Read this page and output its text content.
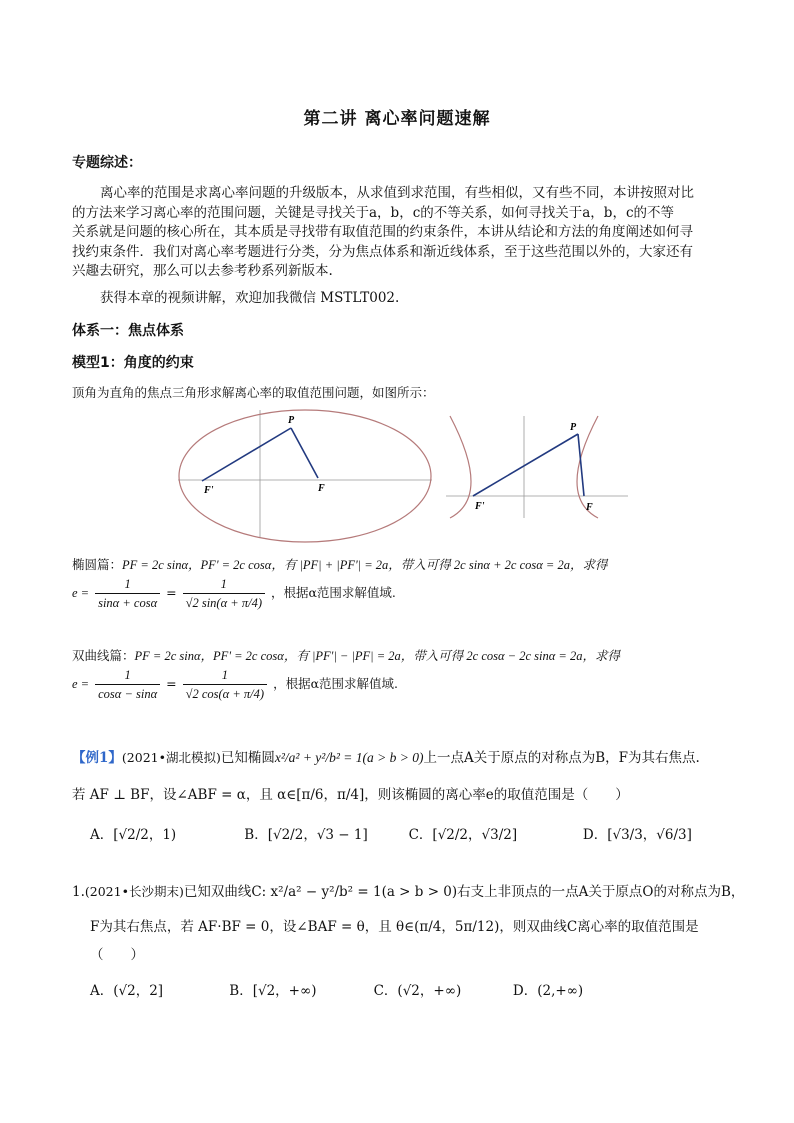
第二讲 离心率问题速解
专题综述：
离心率的范围是求离心率问题的升级版本，从求值到求范围，有些相似，又有些不同，本讲按照对比
的方法来学习离心率的范围问题，关键是寻找关于a，b，c的不等关系，如何寻找关于a，b，c的不等
关系就是问题的核心所在，其本质是寻找带有取值范围的约束条件，本讲从结论和方法的角度阐述如何寻
找约束条件．我们对离心率考题进行分类，分为焦点体系和渐近线体系，至于这些范围以外的，大家还有
兴趣去研究，那么可以去参考秒系列新版本.
获得本章的视频讲解，欢迎加我微信 MSTLT002.
体系一：焦点体系
模型1：角度的约束
顶角为直角的焦点三角形求解离心率的取值范围问题，如图所示：
P
F'	F
P
F'	F
椭圆篇：PF = 2c sinα，PF' = 2c cosα，有 |PF| + |PF'| = 2a，带入可得 2c sinα + 2c cosα = 2a，求得
$e = \frac{1}{\sin\alpha + \cos\alpha} = \frac{1}{√2 \sin(\alpha + \pi/4)}$ ，根据α范围求解值域.
双曲线篇：PF = 2c sinα，PF' = 2c cosα，有 |PF'| − |PF| = 2a，带入可得 2c cosα − 2c sinα = 2a，求得
$e = \frac{1}{\cos\alpha - \sin\alpha} = \frac{1}{√2 \cos(\alpha + \pi/4)}$ ，根据α范围求解值域.
【例1】(2021•湖北模拟)已知椭圆x²/a² + y²/b² = 1(a > b > 0)上一点A关于原点的对称点为B，F为其右焦点.
若 AF ⊥ BF，设∠ABF = α，且 α∈[π/6，π/4]，则该椭圆的离心率e的取值范围是（　　）
A．[√2/2，1)	B．[√2/2，√3 − 1]	C．[√2/2，√3/2]	D．[√3/3，√6/3]
1.(2021•长沙期末)已知双曲线C: x²/a² − y²/b² = 1(a > b > 0)右支上非顶点的一点A关于原点O的对称点为B，
F为其右焦点，若 AF·BF = 0，设∠BAF = θ，且 θ∈(π/4，5π/12)，则双曲线C离心率的取值范围是
（　　）
A．(√2，2]	B．[√2，+∞)	C．(√2，+∞)	D．(2,+∞)
